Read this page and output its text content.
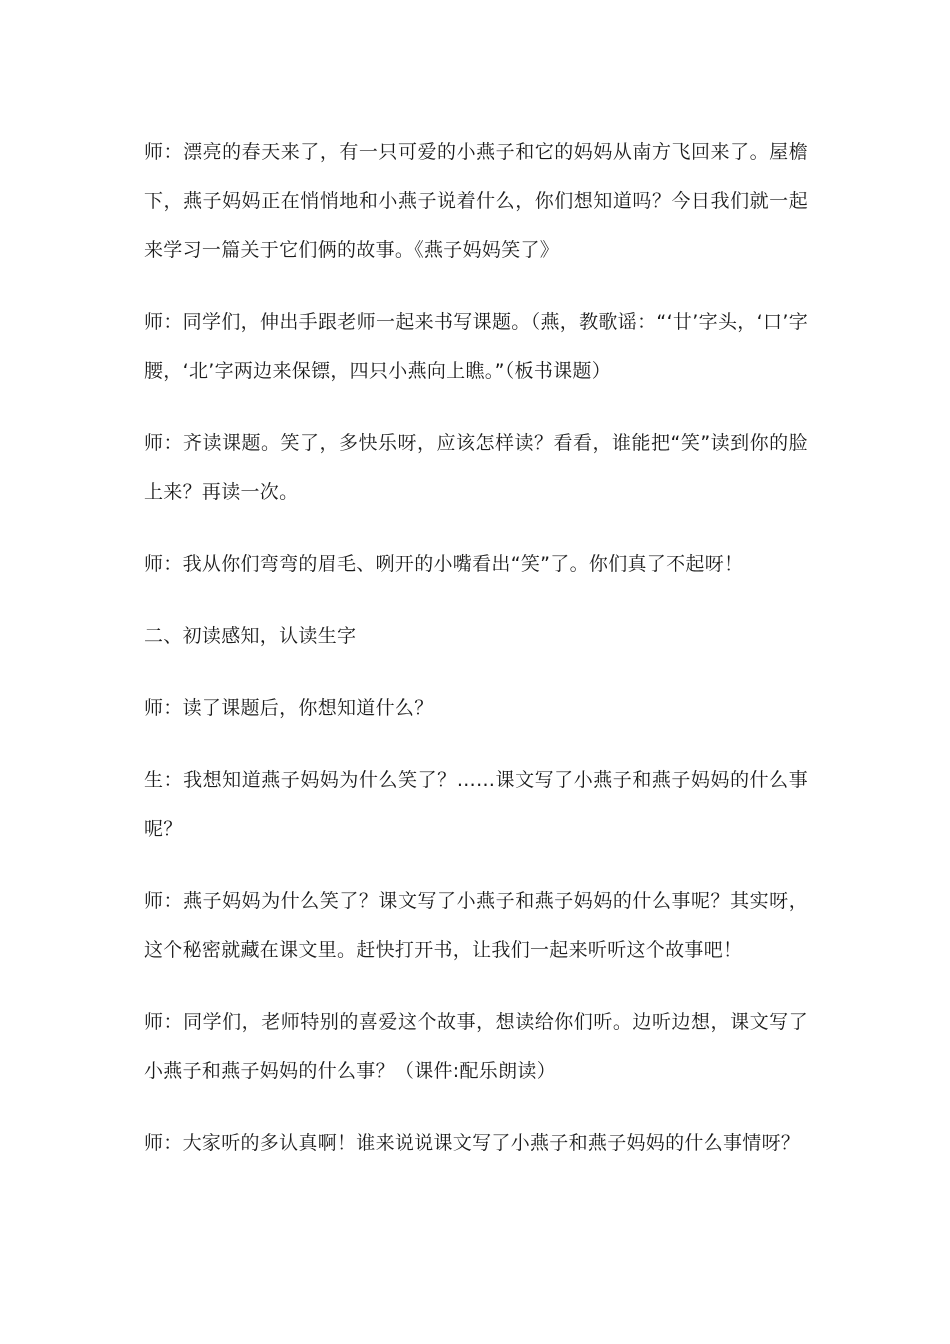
师：漂亮的春天来了，有一只可爱的小燕子和它的妈妈从南方飞回来了。屋檐下，燕子妈妈正在悄悄地和小燕子说着什么，你们想知道吗？今日我们就一起来学习一篇关于它们俩的故事。《燕子妈妈笑了》

师：同学们，伸出手跟老师一起来书写课题。（燕，教歌谣：“‘廿’字头，‘口’字腰，‘北’字两边来保镖，四只小燕向上瞧。”（板书课题）

师：齐读课题。笑了，多快乐呀，应该怎样读？看看，谁能把“笑”读到你的脸上来？再读一次。

师：我从你们弯弯的眉毛、咧开的小嘴看出“笑”了。你们真了不起呀！

二、初读感知，认读生字

师：读了课题后，你想知道什么？

生：我想知道燕子妈妈为什么笑了？……课文写了小燕子和燕子妈妈的什么事呢？

师：燕子妈妈为什么笑了？课文写了小燕子和燕子妈妈的什么事呢？其实呀，这个秘密就藏在课文里。赶快打开书，让我们一起来听听这个故事吧！

师：同学们，老师特别的喜爱这个故事，想读给你们听。边听边想，课文写了小燕子和燕子妈妈的什么事？（课件:配乐朗读）

师：大家听的多认真啊！谁来说说课文写了小燕子和燕子妈妈的什么事情呀？
